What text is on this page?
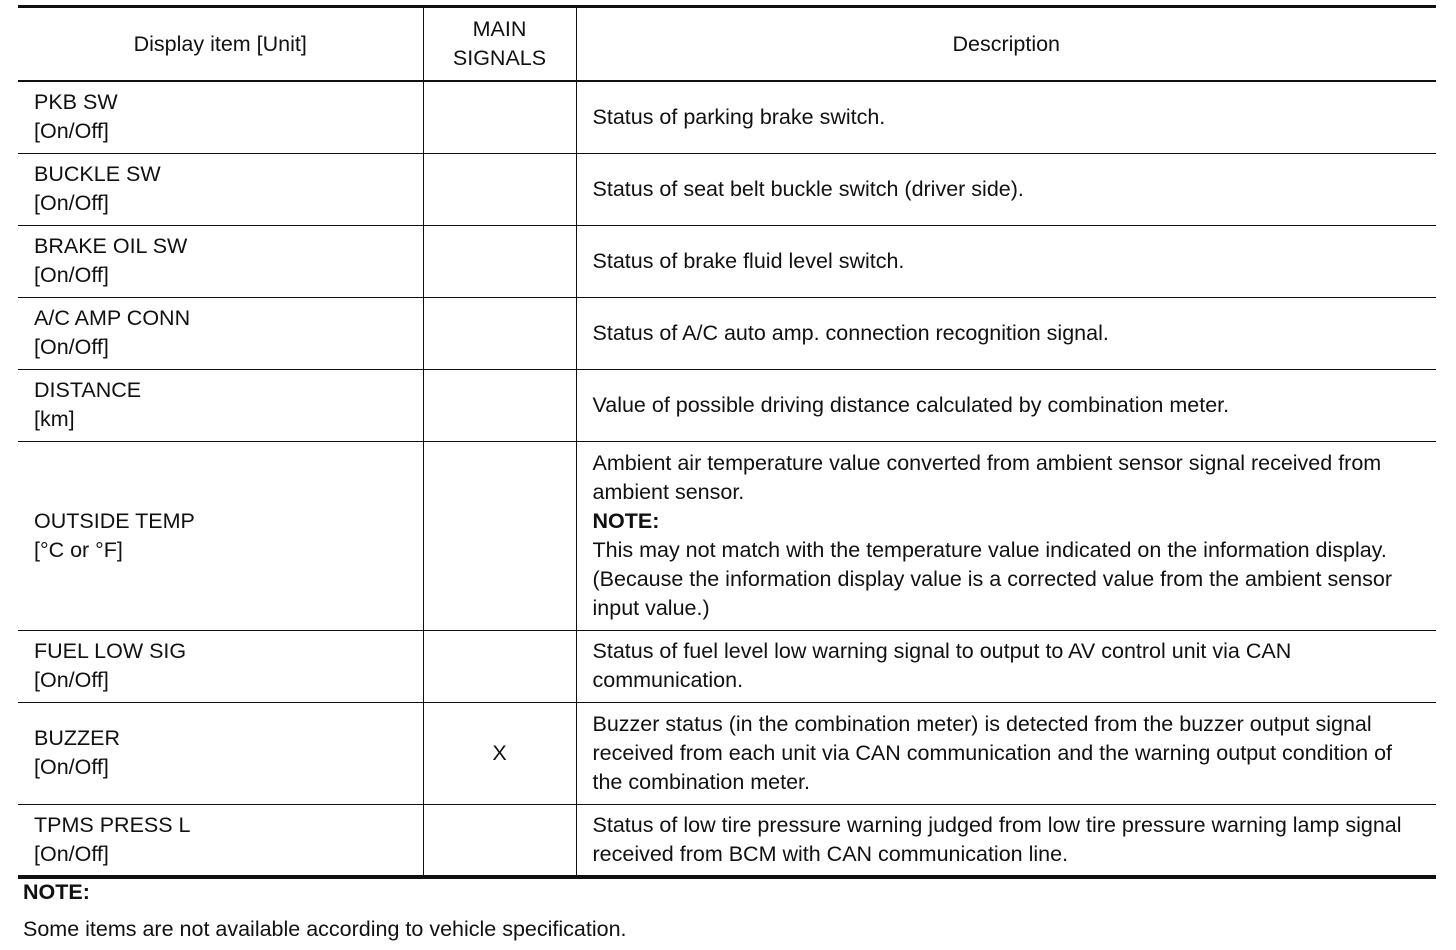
Display item [Unit]	MAIN
SIGNALS	Description

PKB SW
[On/Off]		Status of parking brake switch.

BUCKLE SW
[On/Off]		Status of seat belt buckle switch (driver side).

BRAKE OIL SW
[On/Off]		Status of brake fluid level switch.

A/C AMP CONN
[On/Off]		Status of A/C auto amp. connection recognition signal.

DISTANCE
[km]		Value of possible driving distance calculated by combination meter.

OUTSIDE TEMP
[°C or °F]		Ambient air temperature value converted from ambient sensor signal received from ambient sensor.
NOTE:
This may not match with the temperature value indicated on the information display. (Because the information display value is a corrected value from the ambient sensor input value.)

FUEL LOW SIG
[On/Off]		Status of fuel level low warning signal to output to AV control unit via CAN communication.

BUZZER
[On/Off]	X	Buzzer status (in the combination meter) is detected from the buzzer output signal received from each unit via CAN communication and the warning output condition of the combination meter.

TPMS PRESS L
[On/Off]		Status of low tire pressure warning judged from low tire pressure warning lamp signal received from BCM with CAN communication line.
NOTE:
Some items are not available according to vehicle specification.
